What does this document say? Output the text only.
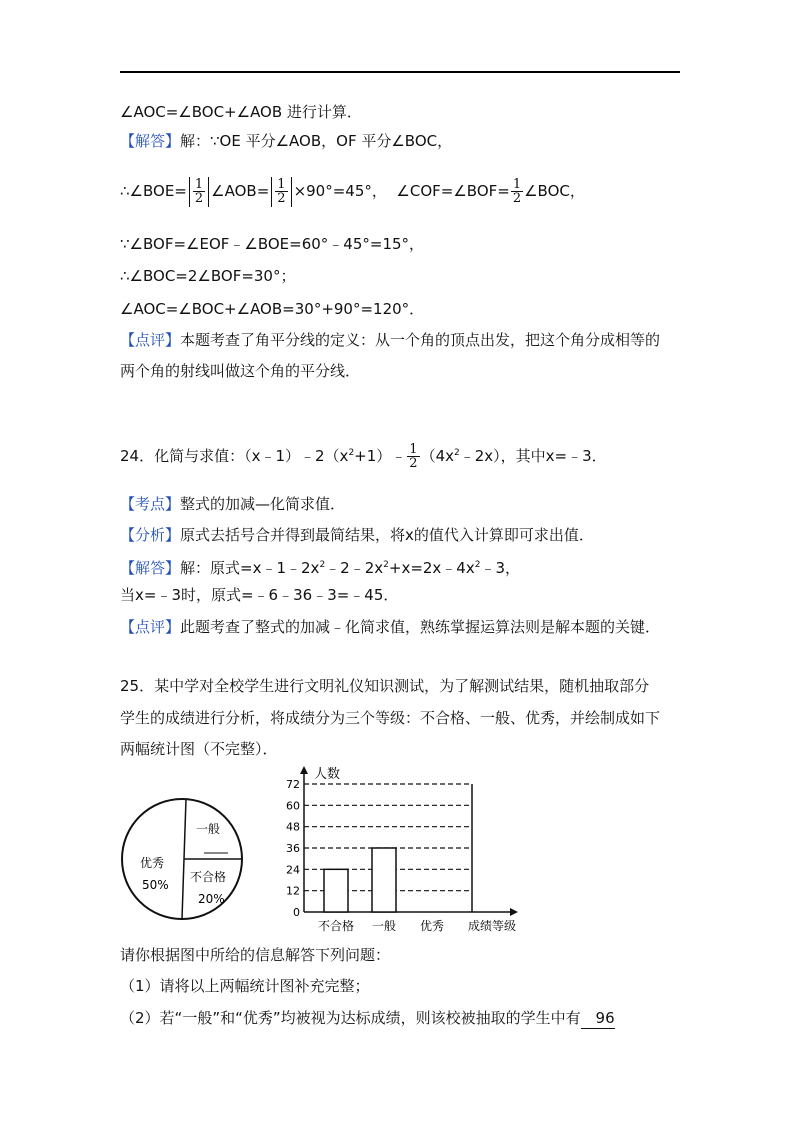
∠AOC=∠BOC+∠AOB 进行计算．
【解答】解：∵OE 平分∠AOB，OF 平分∠BOC，
∴∠BOE= $\frac{1}{2}$ ∠AOB= $\frac{1}{2} \times 90^\circ=45^\circ$， ∠COF=∠BOF= $\frac{1}{2}$ ∠BOC，
∵∠BOF=∠EOF﹣∠BOE=60°﹣45°=15°，
∴∠BOC=2∠BOF=30°；
∠AOC=∠BOC+∠AOB=30°+90°=120°．
【点评】本题考查了角平分线的定义：从一个角的顶点出发，把这个角分成相等的
两个角的射线叫做这个角的平分线．
24．化简与求值：$(x﹣1)﹣2(x^2+1)﹣ \frac{1}{2}$ $(4x^2﹣2x)$，其中x=﹣3．
【考点】整式的加减—化简求值．
【分析】原式去括号合并得到最简结果，将x的值代入计算即可求出值．
【解答】解：原式$=x﹣1﹣2x^2﹣2﹣2x^2+x=2x﹣4x^2﹣3$，
当x=﹣3时，原式=﹣6﹣36﹣3=﹣45．
【点评】此题考查了整式的加减﹣化简求值，熟练掌握运算法则是解本题的关键．
25．某中学对全校学生进行文明礼仪知识测试，为了解测试结果，随机抽取部分
学生的成绩进行分析，将成绩分为三个等级：不合格、一般、优秀，并绘制成如下
两幅统计图（不完整）．
一般
优秀
50%
不合格
20%
0
12
24
36
48
60
72
人数
不合格 一般 优秀 成绩等级
请你根据图中所给的信息解答下列问题：
（1）请将以上两幅统计图补充完整；
（2）若“一般”和“优秀”均被视为达标成绩，则该校被抽取的学生中有 96
